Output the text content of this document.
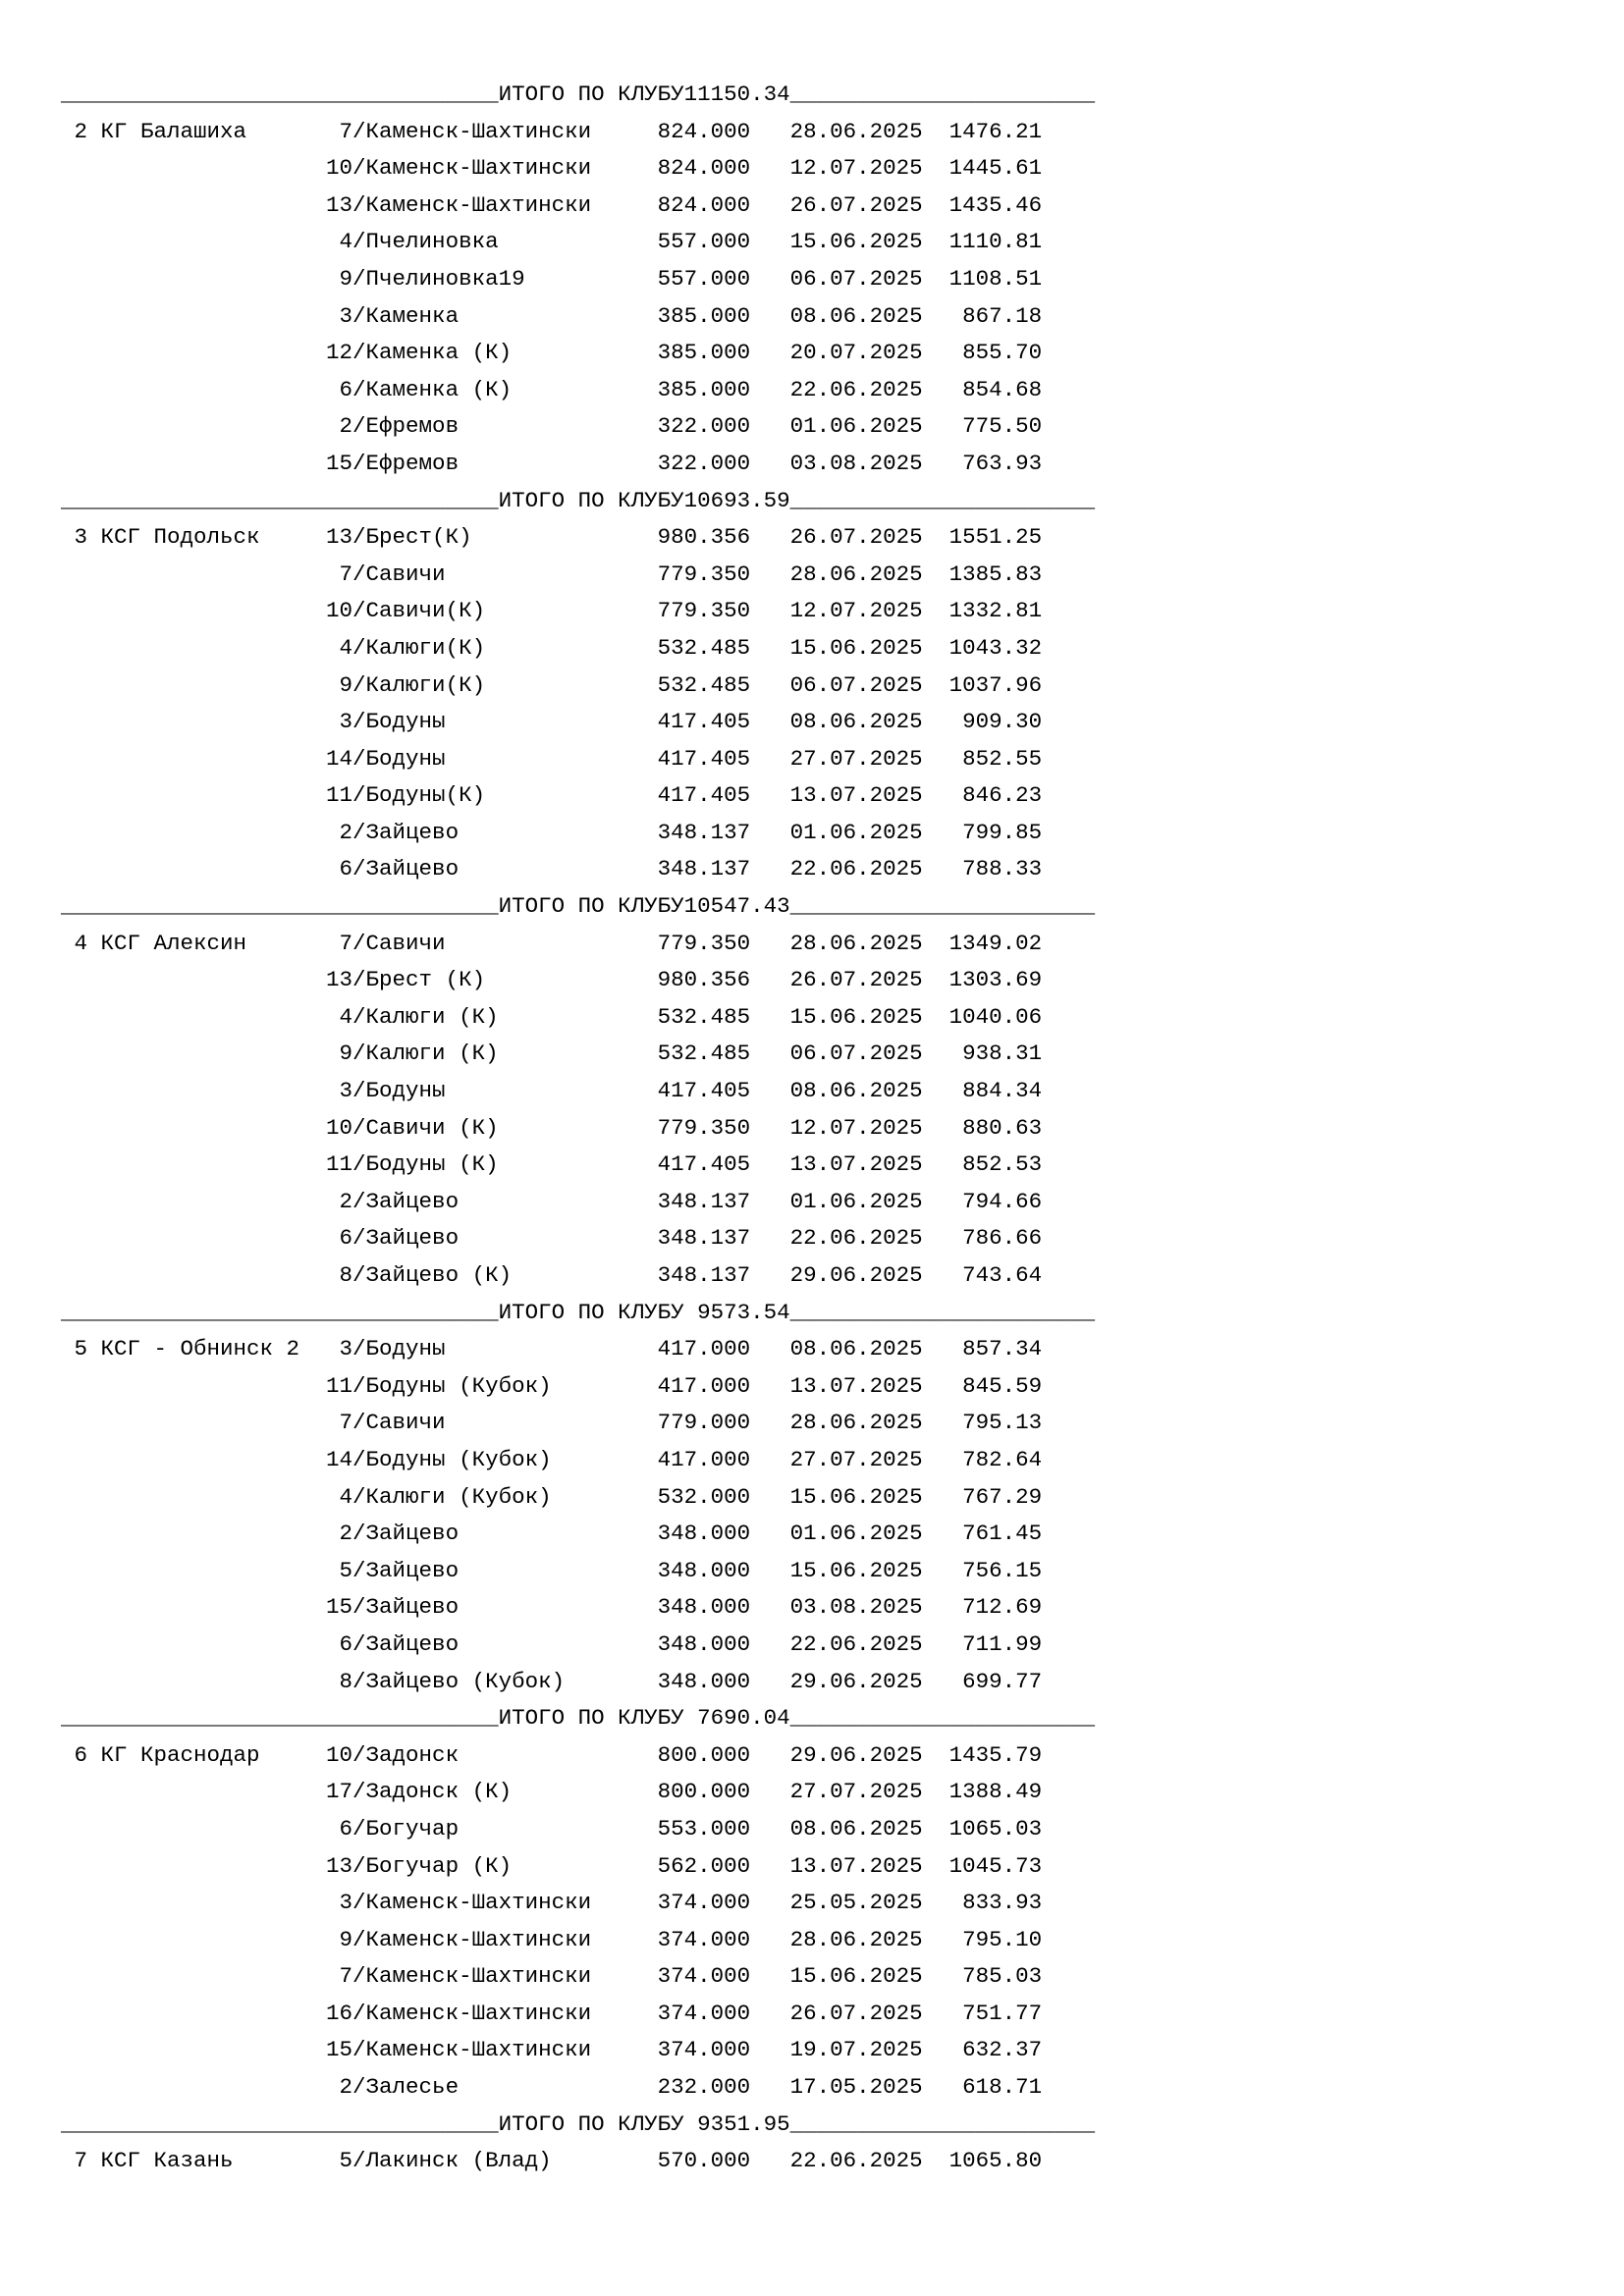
_________________________________ИТОГО ПО КЛУБУ11150.34_______________________
2 КГ Балашиха       7/Каменск-Шахтински     824.000   28.06.2025  1476.21
10/Каменск-Шахтински     824.000   12.07.2025  1445.61
13/Каменск-Шахтински     824.000   26.07.2025  1435.46
4/Пчелиновка            557.000   15.06.2025  1110.81
9/Пчелиновка19          557.000   06.07.2025  1108.51
3/Каменка               385.000   08.06.2025   867.18
12/Каменка (К)           385.000   20.07.2025   855.70
6/Каменка (К)           385.000   22.06.2025   854.68
2/Ефремов               322.000   01.06.2025   775.50
15/Ефремов               322.000   03.08.2025   763.93
_________________________________ИТОГО ПО КЛУБУ10693.59_______________________
3 КСГ Подольск     13/Брест(К)              980.356   26.07.2025  1551.25
7/Савичи                779.350   28.06.2025  1385.83
10/Савичи(К)             779.350   12.07.2025  1332.81
4/Калюги(К)             532.485   15.06.2025  1043.32
9/Калюги(К)             532.485   06.07.2025  1037.96
3/Бодуны                417.405   08.06.2025   909.30
14/Бодуны                417.405   27.07.2025   852.55
11/Бодуны(К)             417.405   13.07.2025   846.23
2/Зайцево               348.137   01.06.2025   799.85
6/Зайцево               348.137   22.06.2025   788.33
_________________________________ИТОГО ПО КЛУБУ10547.43_______________________
4 КСГ Алексин       7/Савичи                779.350   28.06.2025  1349.02
13/Брест (К)             980.356   26.07.2025  1303.69
4/Калюги (К)            532.485   15.06.2025  1040.06
9/Калюги (К)            532.485   06.07.2025   938.31
3/Бодуны                417.405   08.06.2025   884.34
10/Савичи (К)            779.350   12.07.2025   880.63
11/Бодуны (К)            417.405   13.07.2025   852.53
2/Зайцево               348.137   01.06.2025   794.66
6/Зайцево               348.137   22.06.2025   786.66
8/Зайцево (К)           348.137   29.06.2025   743.64
_________________________________ИТОГО ПО КЛУБУ 9573.54_______________________
5 КСГ - Обнинск 2   3/Бодуны                417.000   08.06.2025   857.34
11/Бодуны (Кубок)        417.000   13.07.2025   845.59
7/Савичи                779.000   28.06.2025   795.13
14/Бодуны (Кубок)        417.000   27.07.2025   782.64
4/Калюги (Кубок)        532.000   15.06.2025   767.29
2/Зайцево               348.000   01.06.2025   761.45
5/Зайцево               348.000   15.06.2025   756.15
15/Зайцево               348.000   03.08.2025   712.69
6/Зайцево               348.000   22.06.2025   711.99
8/Зайцево (Кубок)       348.000   29.06.2025   699.77
_________________________________ИТОГО ПО КЛУБУ 7690.04_______________________
6 КГ Краснодар     10/Задонск               800.000   29.06.2025  1435.79
17/Задонск (К)           800.000   27.07.2025  1388.49
6/Богучар               553.000   08.06.2025  1065.03
13/Богучар (К)           562.000   13.07.2025  1045.73
3/Каменск-Шахтински     374.000   25.05.2025   833.93
9/Каменск-Шахтински     374.000   28.06.2025   795.10
7/Каменск-Шахтински     374.000   15.06.2025   785.03
16/Каменск-Шахтински     374.000   26.07.2025   751.77
15/Каменск-Шахтински     374.000   19.07.2025   632.37
2/Залесье               232.000   17.05.2025   618.71
_________________________________ИТОГО ПО КЛУБУ 9351.95_______________________
7 КСГ Казань        5/Лакинск (Влад)        570.000   22.06.2025  1065.80
